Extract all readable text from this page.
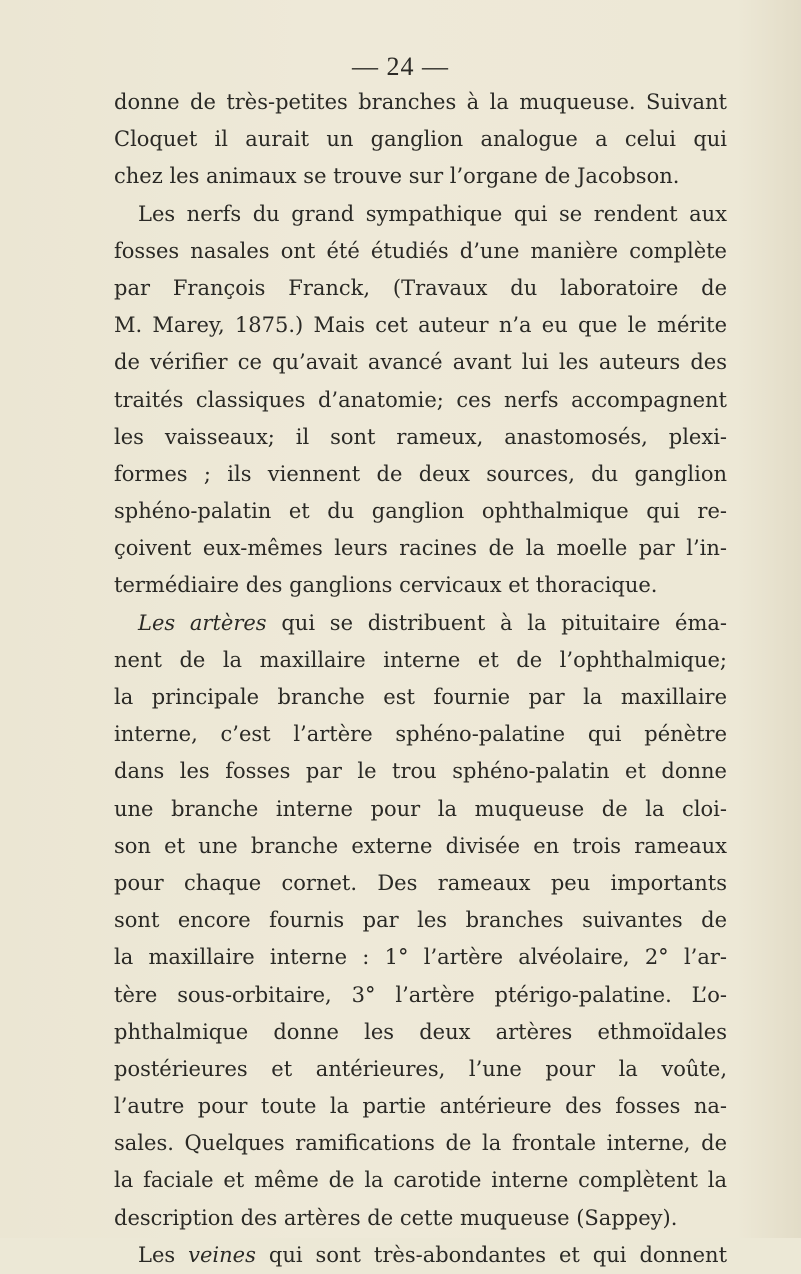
— 24 —
donne de très-petites branches à la muqueuse. Suivant
Cloquet il aurait un ganglion analogue a celui qui
chez les animaux se trouve sur l’organe de Jacobson.
Les nerfs du grand sympathique qui se rendent aux
fosses nasales ont été étudiés d’une manière complète
par François Franck, (Travaux du laboratoire de
M. Marey, 1875.) Mais cet auteur n’a eu que le mérite
de vérifier ce qu’avait avancé avant lui les auteurs des
traités classiques d’anatomie; ces nerfs accompagnent
les vaisseaux; il sont rameux, anastomosés, plexi-
formes ; ils viennent de deux sources, du ganglion
sphéno-palatin et du ganglion ophthalmique qui re-
çoivent eux-mêmes leurs racines de la moelle par l’in-
termédiaire des ganglions cervicaux et thoracique.
Les artères qui se distribuent à la pituitaire éma-
nent de la maxillaire interne et de l’ophthalmique;
la principale branche est fournie par la maxillaire
interne, c’est l’artère sphéno-palatine qui pénètre
dans les fosses par le trou sphéno-palatin et donne
une branche interne pour la muqueuse de la cloi-
son et une branche externe divisée en trois rameaux
pour chaque cornet. Des rameaux peu importants
sont encore fournis par les branches suivantes de
la maxillaire interne : 1° l’artère alvéolaire, 2° l’ar-
tère sous-orbitaire, 3° l’artère ptérigo-palatine. L’o-
phthalmique donne les deux artères ethmoïdales
postérieures et antérieures, l’une pour la voûte,
l’autre pour toute la partie antérieure des fosses na-
sales. Quelques ramifications de la frontale interne, de
la faciale et même de la carotide interne complètent la
description des artères de cette muqueuse (Sappey).
Les veines qui sont très-abondantes et qui donnent
